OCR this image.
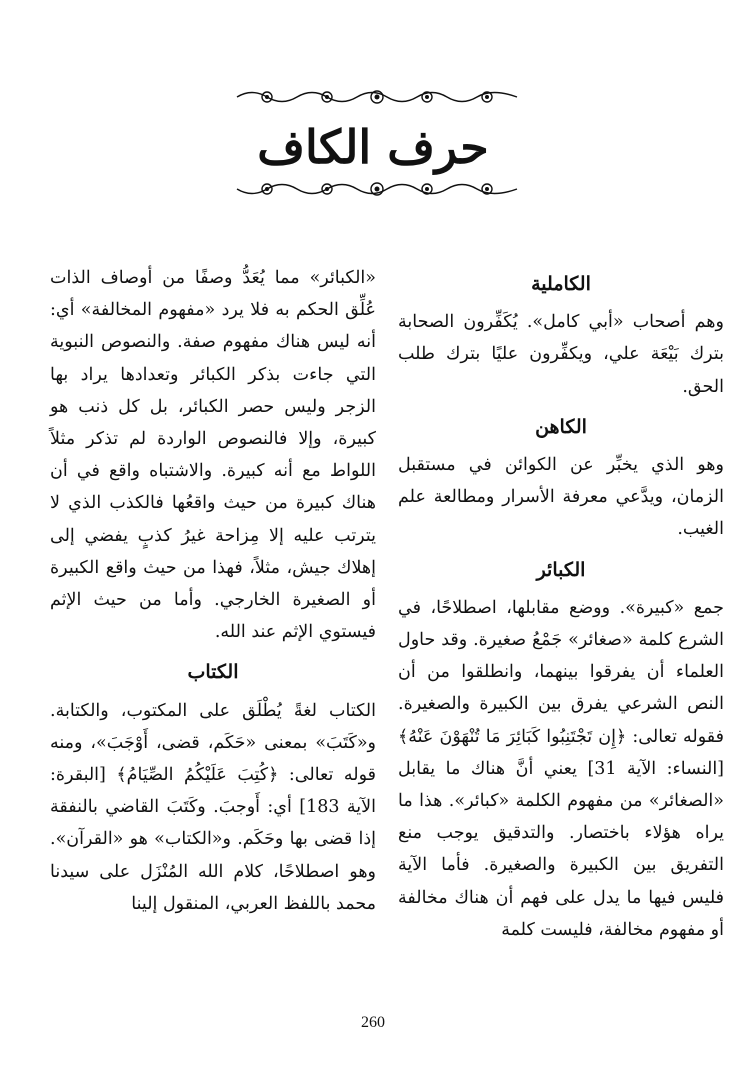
حرف الكاف

الكاملية

وهم أصحاب «أبي كامل». يُكَفِّرون الصحابة بترك بَيْعَة علي، ويكفِّرون عليًا بترك طلب الحق.

الكاهن

وهو الذي يخبِّر عن الكوائن في مستقبل الزمان، ويدَّعي معرفة الأسرار ومطالعة علم الغيب.

الكبائر

جمع «كبيرة». ووضع مقابلها، اصطلاحًا، في الشرع كلمة «صغائر» جَمْعُ صغيرة. وقد حاول العلماء أن يفرقوا بينهما، وانطلقوا من أن النص الشرعي يفرق بين الكبيرة والصغيرة. فقوله تعالى: ﴿إِن تَجْتَنِبُوا كَبَائِرَ مَا تُنْهَوْنَ عَنْهُ﴾ [النساء: الآية 31] يعني أنَّ هناك ما يقابل «الصغائر» من مفهوم الكلمة «كبائر». هذا ما يراه هؤلاء باختصار. والتدقيق يوجب منع التفريق بين الكبيرة والصغيرة. فأما الآية فليس فيها ما يدل على فهم أن هناك مخالفة أو مفهوم مخالفة، فليست كلمة

«الكبائر» مما يُعَدُّ وصفًا من أوصاف الذات عُلِّق الحكم به فلا يرد «مفهوم المخالفة» أي: أنه ليس هناك مفهوم صفة. والنصوص النبوية التي جاءت بذكر الكبائر وتعدادها يراد بها الزجر وليس حصر الكبائر، بل كل ذنب هو كبيرة، وإلا فالنصوص الواردة لم تذكر مثلاً اللواط مع أنه كبيرة. والاشتباه واقع في أن هناك كبيرة من حيث واقعُها فالكذب الذي لا يترتب عليه إلا مِزاحة غيرُ كذبٍ يفضي إلى إهلاك جيش، مثلاً، فهذا من حيث واقع الكبيرة أو الصغيرة الخارجي. وأما من حيث الإثم فيستوي الإثم عند الله.

الكتاب

الكتاب لغةً يُطْلَق على المكتوب، والكتابة. و«كَتَبَ» بمعنى «حَكَم، قضى، أَوْجَبَ»، ومنه قوله تعالى: ﴿كُتِبَ عَلَيْكُمُ الصِّيَامُ﴾ [البقرة: الآية 183] أي: أَوجبَ. وكَتَبَ القاضي بالنفقة إذا قضى بها وحَكَم. و«الكتاب» هو «القرآن». وهو اصطلاحًا، كلام الله المُنْزَل على سيدنا محمد باللفظ العربي، المنقول إلينا

260
